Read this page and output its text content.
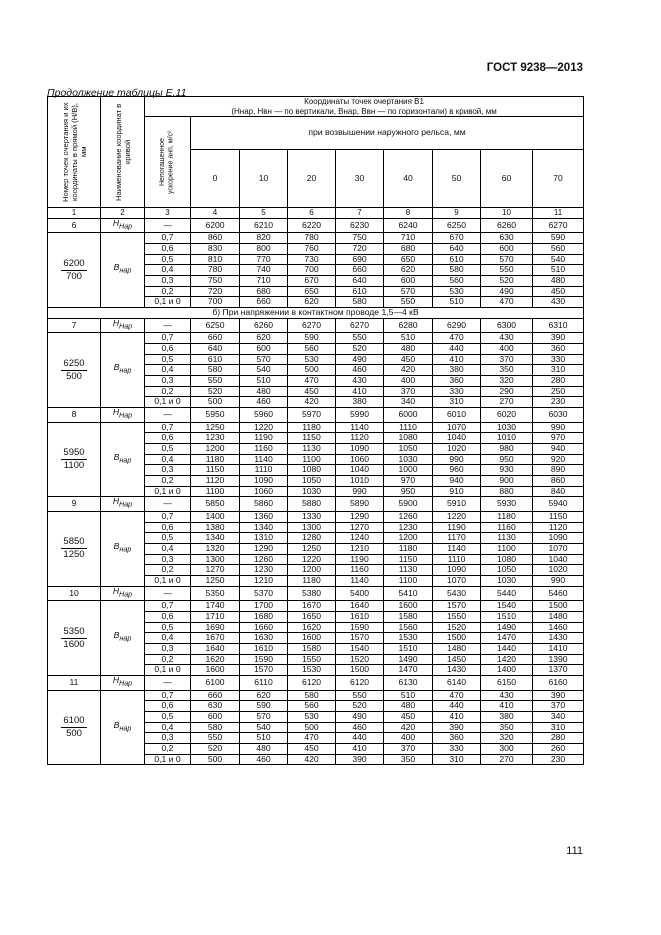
ГОСТ 9238—2013
Продолжение таблицы Е.11
Номер точек очертания и их координаты в прямой (H/B), мм	Наименование координат в кривой	Координаты точек очертания В1
(Hнар, Hвн — по вертикали, Bнар, Bвн — по горизонтали) в кривой, мм								

		Непогашенное ускорение aнп, м/с²	при возвышении наружного рельса, мм							
			0	10	20	30	40	50	60	70
1	2	3	4	5	6	7	8	9	10	11
6	$H_{Нар}$	—	6200	6210	6220	6230	6240	6250	6260	6270

$\frac{6200}{700}$	$B_{нар}$	0,7	860	820	780	750	710	670	630	590
		0,6	830	800	760	720	680	640	600	560
		0,5	810	770	730	690	650	610	570	540
		0,4	780	740	700	660	620	580	550	510
		0,3	750	710	670	640	600	560	520	480
		0,2	720	680	650	610	570	530	490	450
		0,1 и 0	700	660	620	580	550	510	470	430
б) При напряжении в контактном проводе 1,5—4 кВ										
7	$H_{Нар}$	—	6250	6260	6270	6270	6280	6290	6300	6310

$\frac{6250}{500}$	$B_{нар}$	0,7	660	620	590	550	510	470	430	390
		0,6	640	600	560	520	480	440	400	360
		0,5	610	570	530	490	450	410	370	330
		0,4	580	540	500	460	420	380	350	310
		0,3	550	510	470	430	400	360	320	280
		0,2	520	480	450	410	370	330	290	250
		0,1 и 0	500	460	420	380	340	310	270	230
8	$H_{Нар}$	—	5950	5960	5970	5990	6000	6010	6020	6030

$\frac{5950}{1100}$	$B_{нар}$	0,7	1250	1220	1180	1140	1110	1070	1030	990
		0,6	1230	1190	1150	1120	1080	1040	1010	970
		0,5	1200	1160	1130	1090	1050	1020	980	940
		0,4	1180	1140	1100	1060	1030	990	950	920
		0,3	1150	1110	1080	1040	1000	960	930	890
		0,2	1120	1090	1050	1010	970	940	900	860
		0,1 и 0	1100	1060	1030	990	950	910	880	840
9	$H_{Нар}$	—	5850	5860	5880	5890	5900	5910	5930	5940

$\frac{5850}{1250}$	$B_{нар}$	0,7	1400	1360	1330	1290	1260	1220	1180	1150
		0,6	1380	1340	1300	1270	1230	1190	1160	1120
		0,5	1340	1310	1280	1240	1200	1170	1130	1090
		0,4	1320	1290	1250	1210	1180	1140	1100	1070
		0,3	1300	1260	1220	1190	1150	1110	1080	1040
		0,2	1270	1230	1200	1160	1130	1090	1050	1020
		0,1 и 0	1250	1210	1180	1140	1100	1070	1030	990
10	$H_{Нар}$	—	5350	5370	5380	5400	5410	5430	5440	5460

$\frac{5350}{1600}$	$B_{нар}$	0,7	1740	1700	1670	1640	1600	1570	1540	1500
		0,6	1710	1680	1650	1610	1580	1550	1510	1480
		0,5	1690	1660	1620	1590	1560	1520	1490	1460
		0,4	1670	1630	1600	1570	1530	1500	1470	1430
		0,3	1640	1610	1580	1540	1510	1480	1440	1410
		0,2	1620	1590	1550	1520	1490	1450	1420	1390
		0,1 и 0	1600	1570	1530	1500	1470	1430	1400	1370
11	$H_{Нар}$	—	6100	6110	6120	6120	6130	6140	6150	6160

$\frac{6100}{500}$	$B_{нар}$	0,7	660	620	580	550	510	470	430	390
		0,6	630	590	560	520	480	440	410	370
		0,5	600	570	530	490	450	410	380	340
		0,4	580	540	500	460	420	390	350	310
		0,3	550	510	470	440	400	360	320	280
		0,2	520	480	450	410	370	330	300	260
		0,1 и 0	500	460	420	390	350	310	270	230
111
